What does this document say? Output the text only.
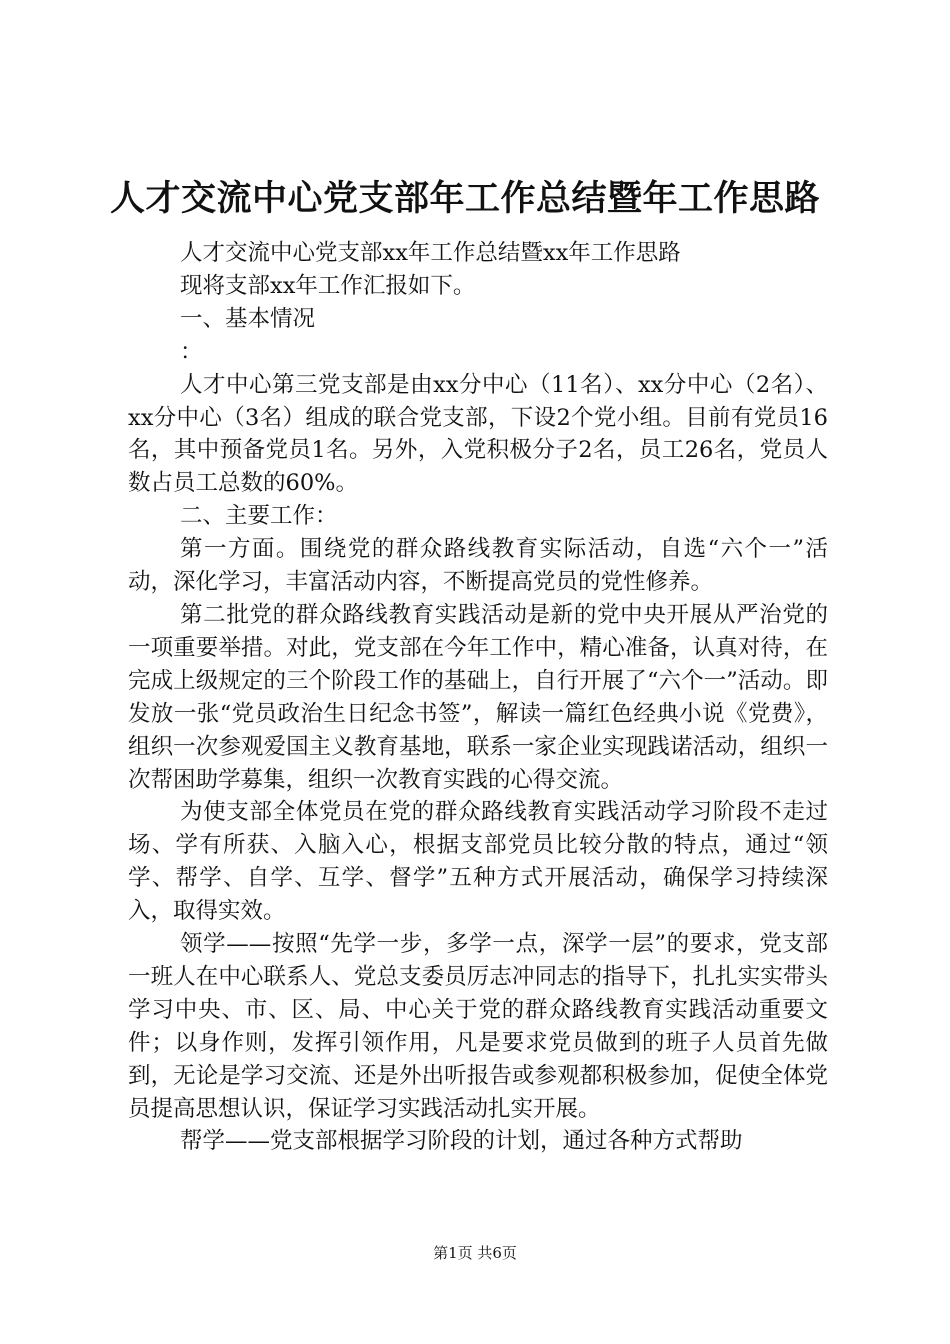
人才交流中心党支部年工作总结暨年工作思路

人才交流中心党支部xx年工作总结暨xx年工作思路

现将支部xx年工作汇报如下。

一、基本情况

：

人才中心第三党支部是由xx分中心（11名）、xx分中心（2名）、xx分中心（3名）组成的联合党支部，下设2个党小组。目前有党员16名，其中预备党员1名。另外，入党积极分子2名，员工26名，党员人数占员工总数的60%。

二、主要工作：

第一方面。围绕党的群众路线教育实际活动，自选“六个一”活动，深化学习，丰富活动内容，不断提高党员的党性修养。

第二批党的群众路线教育实践活动是新的党中央开展从严治党的一项重要举措。对此，党支部在今年工作中，精心准备，认真对待，在完成上级规定的三个阶段工作的基础上，自行开展了“六个一”活动。即发放一张“党员政治生日纪念书签”，解读一篇红色经典小说《党费》，组织一次参观爱国主义教育基地，联系一家企业实现践诺活动，组织一次帮困助学募集，组织一次教育实践的心得交流。

为使支部全体党员在党的群众路线教育实践活动学习阶段不走过场、学有所获、入脑入心，根据支部党员比较分散的特点，通过“领学、帮学、自学、互学、督学”五种方式开展活动，确保学习持续深入，取得实效。

领学——按照“先学一步，多学一点，深学一层”的要求，党支部一班人在中心联系人、党总支委员厉志冲同志的指导下，扎扎实实带头学习中央、市、区、局、中心关于党的群众路线教育实践活动重要文件；以身作则，发挥引领作用，凡是要求党员做到的班子人员首先做到，无论是学习交流、还是外出听报告或参观都积极参加，促使全体党员提高思想认识，保证学习实践活动扎实开展。

帮学——党支部根据学习阶段的计划，通过各种方式帮助

第1页 共6页
